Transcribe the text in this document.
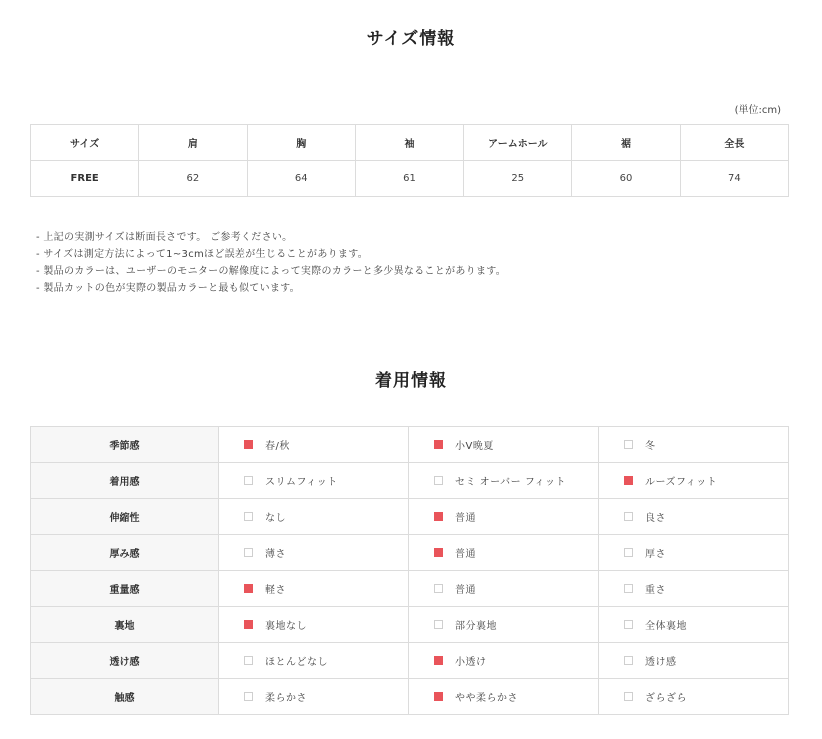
サイズ情報
(単位:cm)
サイズ	肩	胸	袖	アームホール	裾	全長
FREE	62	64	61	25	60	74
- 上記の実測サイズは断面長さです。 ご参考ください。
- サイズは測定方法によって1~3cmほど誤差が生じることがあります。
- 製品のカラーは、ユーザーのモニターの解像度によって実際のカラーと多少異なることがあります。
- 製品カットの色が実際の製品カラーと最も似ています。
着用情報
季節感	春/秋	小V晩夏	冬
着用感	スリムフィット	セミ オーバー フィット	ルーズフィット
伸縮性	なし	普通	良さ
厚み感	薄さ	普通	厚さ
重量感	軽さ	普通	重さ
裏地	裏地なし	部分裏地	全体裏地
透け感	ほとんどなし	小透け	透け感
触感	柔らかさ	やや柔らかさ	ざらざら
